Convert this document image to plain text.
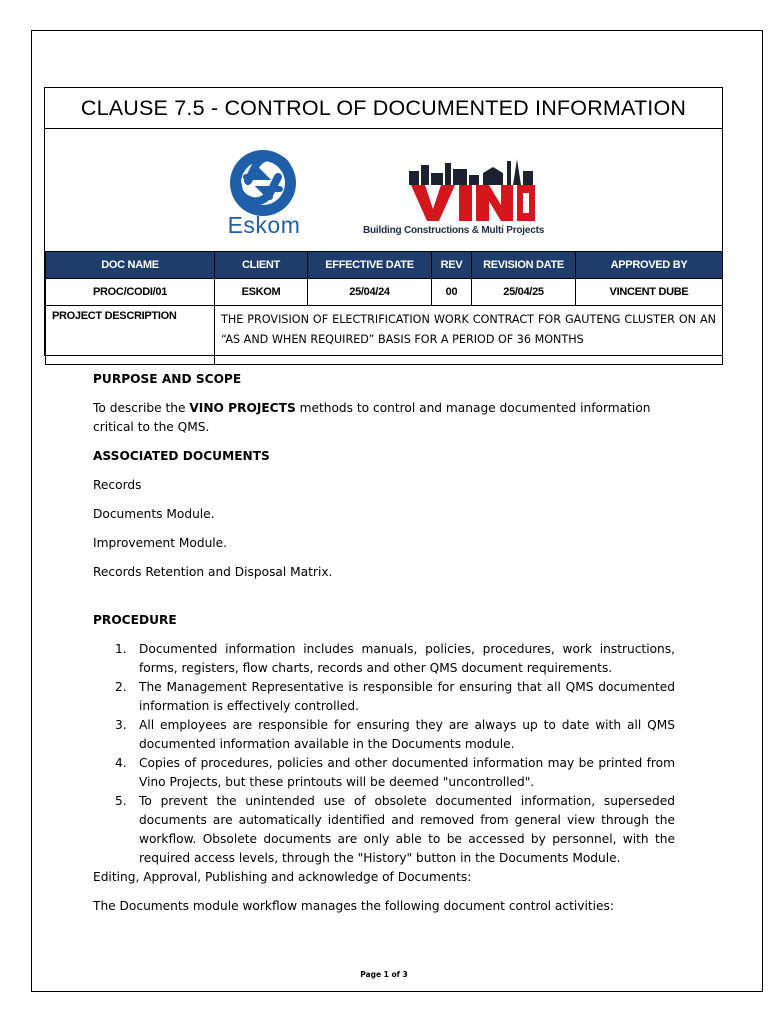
CLAUSE 7.5 - CONTROL OF DOCUMENTED INFORMATION
Eskom	Building Constructions & Multi Projects
DOC NAME	CLIENT	EFFECTIVE DATE	REV	REVISION DATE	APPROVED BY
PROC/CODI/01	ESKOM	25/04/24	00	25/04/25	VINCENT DUBE
PROJECT DESCRIPTION	THE PROVISION OF ELECTRIFICATION WORK CONTRACT FOR GAUTENG CLUSTER ON AN “AS AND WHEN REQUIRED” BASIS FOR A PERIOD OF 36 MONTHS				

PURPOSE AND SCOPE

To describe the VINO PROJECTS methods to control and manage documented information critical to the QMS.

ASSOCIATED DOCUMENTS

Records

Documents Module.

Improvement Module.

Records Retention and Disposal Matrix.

PROCEDURE

1. Documented information includes manuals, policies, procedures, work instructions, forms, registers, flow charts, records and other QMS document requirements.
2. The Management Representative is responsible for ensuring that all QMS documented information is effectively controlled.
3. All employees are responsible for ensuring they are always up to date with all QMS documented information available in the Documents module.
4. Copies of procedures, policies and other documented information may be printed from Vino Projects, but these printouts will be deemed "uncontrolled".
5. To prevent the unintended use of obsolete documented information, superseded documents are automatically identified and removed from general view through the workflow. Obsolete documents are only able to be accessed by personnel, with the required access levels, through the "History" button in the Documents Module.

Editing, Approval, Publishing and acknowledge of Documents:

The Documents module workflow manages the following document control activities:

Page 1 of 3
